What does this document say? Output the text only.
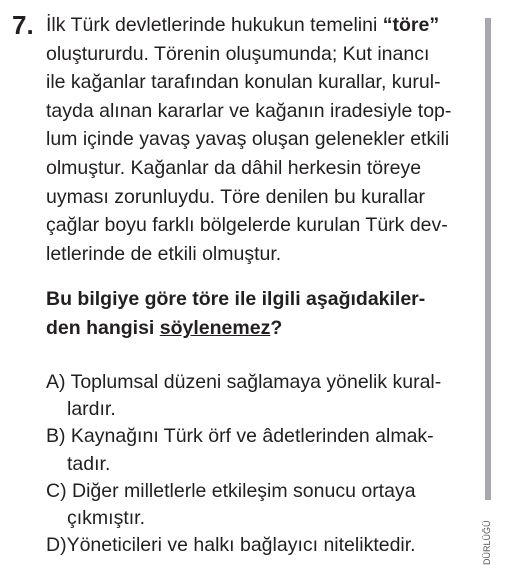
7. İlk Türk devletlerinde hukukun temelini “töre”
oluştururdu. Törenin oluşumunda; Kut inancı
ile kağanlar tarafından konulan kurallar, kurul-
tayda alınan kararlar ve kağanın iradesiyle top-
lum içinde yavaş yavaş oluşan gelenekler etkili
olmuştur. Kağanlar da dâhil herkesin töreye
uyması zorunluydu. Töre denilen bu kurallar
çağlar boyu farklı bölgelerde kurulan Türk dev-
letlerinde de etkili olmuştur.
Bu bilgiye göre töre ile ilgili aşağıdakiler-
den hangisi söylenemez?
A) Toplumsal düzeni sağlamaya yönelik kural-
lardır.
B) Kaynağını Türk örf ve âdetlerinden almak-
tadır.
C) Diğer milletlerle etkileşim sonucu ortaya
çıkmıştır.
D)Yöneticileri ve halkı bağlayıcı niteliktedir.	DÜRLÜĞÜ
